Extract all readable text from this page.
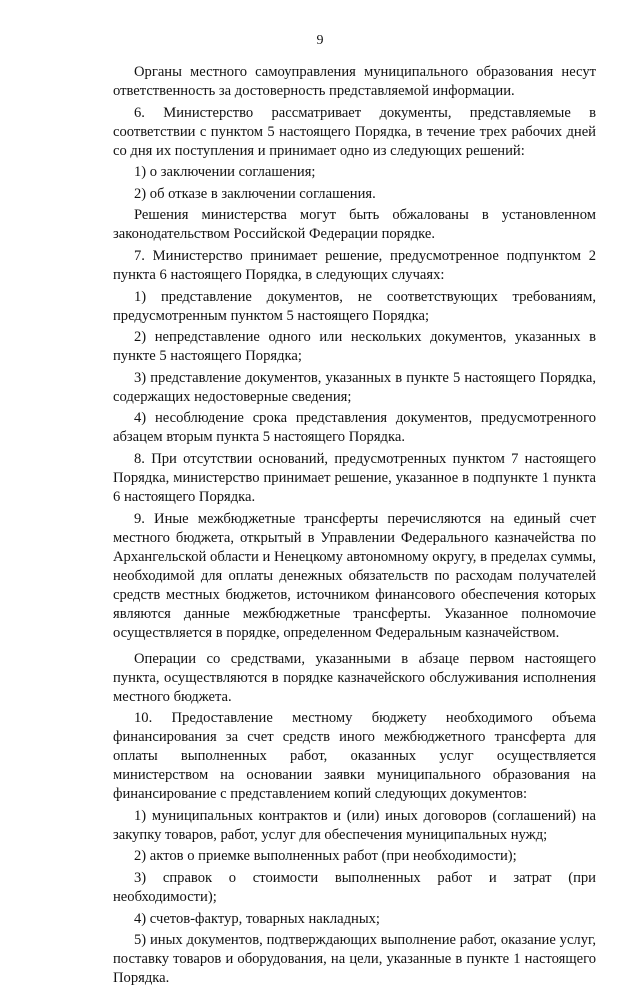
9

Органы местного самоуправления муниципального образования несут ответственность за достоверность представляемой информации.

6. Министерство рассматривает документы, представляемые в соответствии с пунктом 5 настоящего Порядка, в течение трех рабочих дней со дня их поступления и принимает одно из следующих решений:

1) о заключении соглашения;

2) об отказе в заключении соглашения.

Решения министерства могут быть обжалованы в установленном законодательством Российской Федерации порядке.

7. Министерство принимает решение, предусмотренное подпунктом 2 пункта 6 настоящего Порядка, в следующих случаях:

1) представление документов, не соответствующих требованиям, предусмотренным пунктом 5 настоящего Порядка;

2) непредставление одного или нескольких документов, указанных в пункте 5 настоящего Порядка;

3) представление документов, указанных в пункте 5 настоящего Порядка, содержащих недостоверные сведения;

4) несоблюдение срока представления документов, предусмотренного абзацем вторым пункта 5 настоящего Порядка.

8. При отсутствии оснований, предусмотренных пунктом 7 настоящего Порядка, министерство принимает решение, указанное в подпункте 1 пункта 6 настоящего Порядка.

9. Иные межбюджетные трансферты перечисляются на единый счет местного бюджета, открытый в Управлении Федерального казначейства по Архангельской области и Ненецкому автономному округу, в пределах суммы, необходимой для оплаты денежных обязательств по расходам получателей средств местных бюджетов, источником финансового обеспечения которых являются данные межбюджетные трансферты. Указанное полномочие осуществляется в порядке, определенном Федеральным казначейством.

Операции со средствами, указанными в абзаце первом настоящего пункта, осуществляются в порядке казначейского обслуживания исполнения местного бюджета.

10. Предоставление местному бюджету необходимого объема финансирования за счет средств иного межбюджетного трансферта для оплаты выполненных работ, оказанных услуг осуществляется министерством на основании заявки муниципального образования на финансирование с представлением копий следующих документов:

1) муниципальных контрактов и (или) иных договоров (соглашений) на закупку товаров, работ, услуг для обеспечения муниципальных нужд;

2) актов о приемке выполненных работ (при необходимости);

3) справок о стоимости выполненных работ и затрат (при необходимости);

4) счетов-фактур, товарных накладных;

5) иных документов, подтверждающих выполнение работ, оказание услуг, поставку товаров и оборудования, на цели, указанные в пункте 1 настоящего Порядка.
